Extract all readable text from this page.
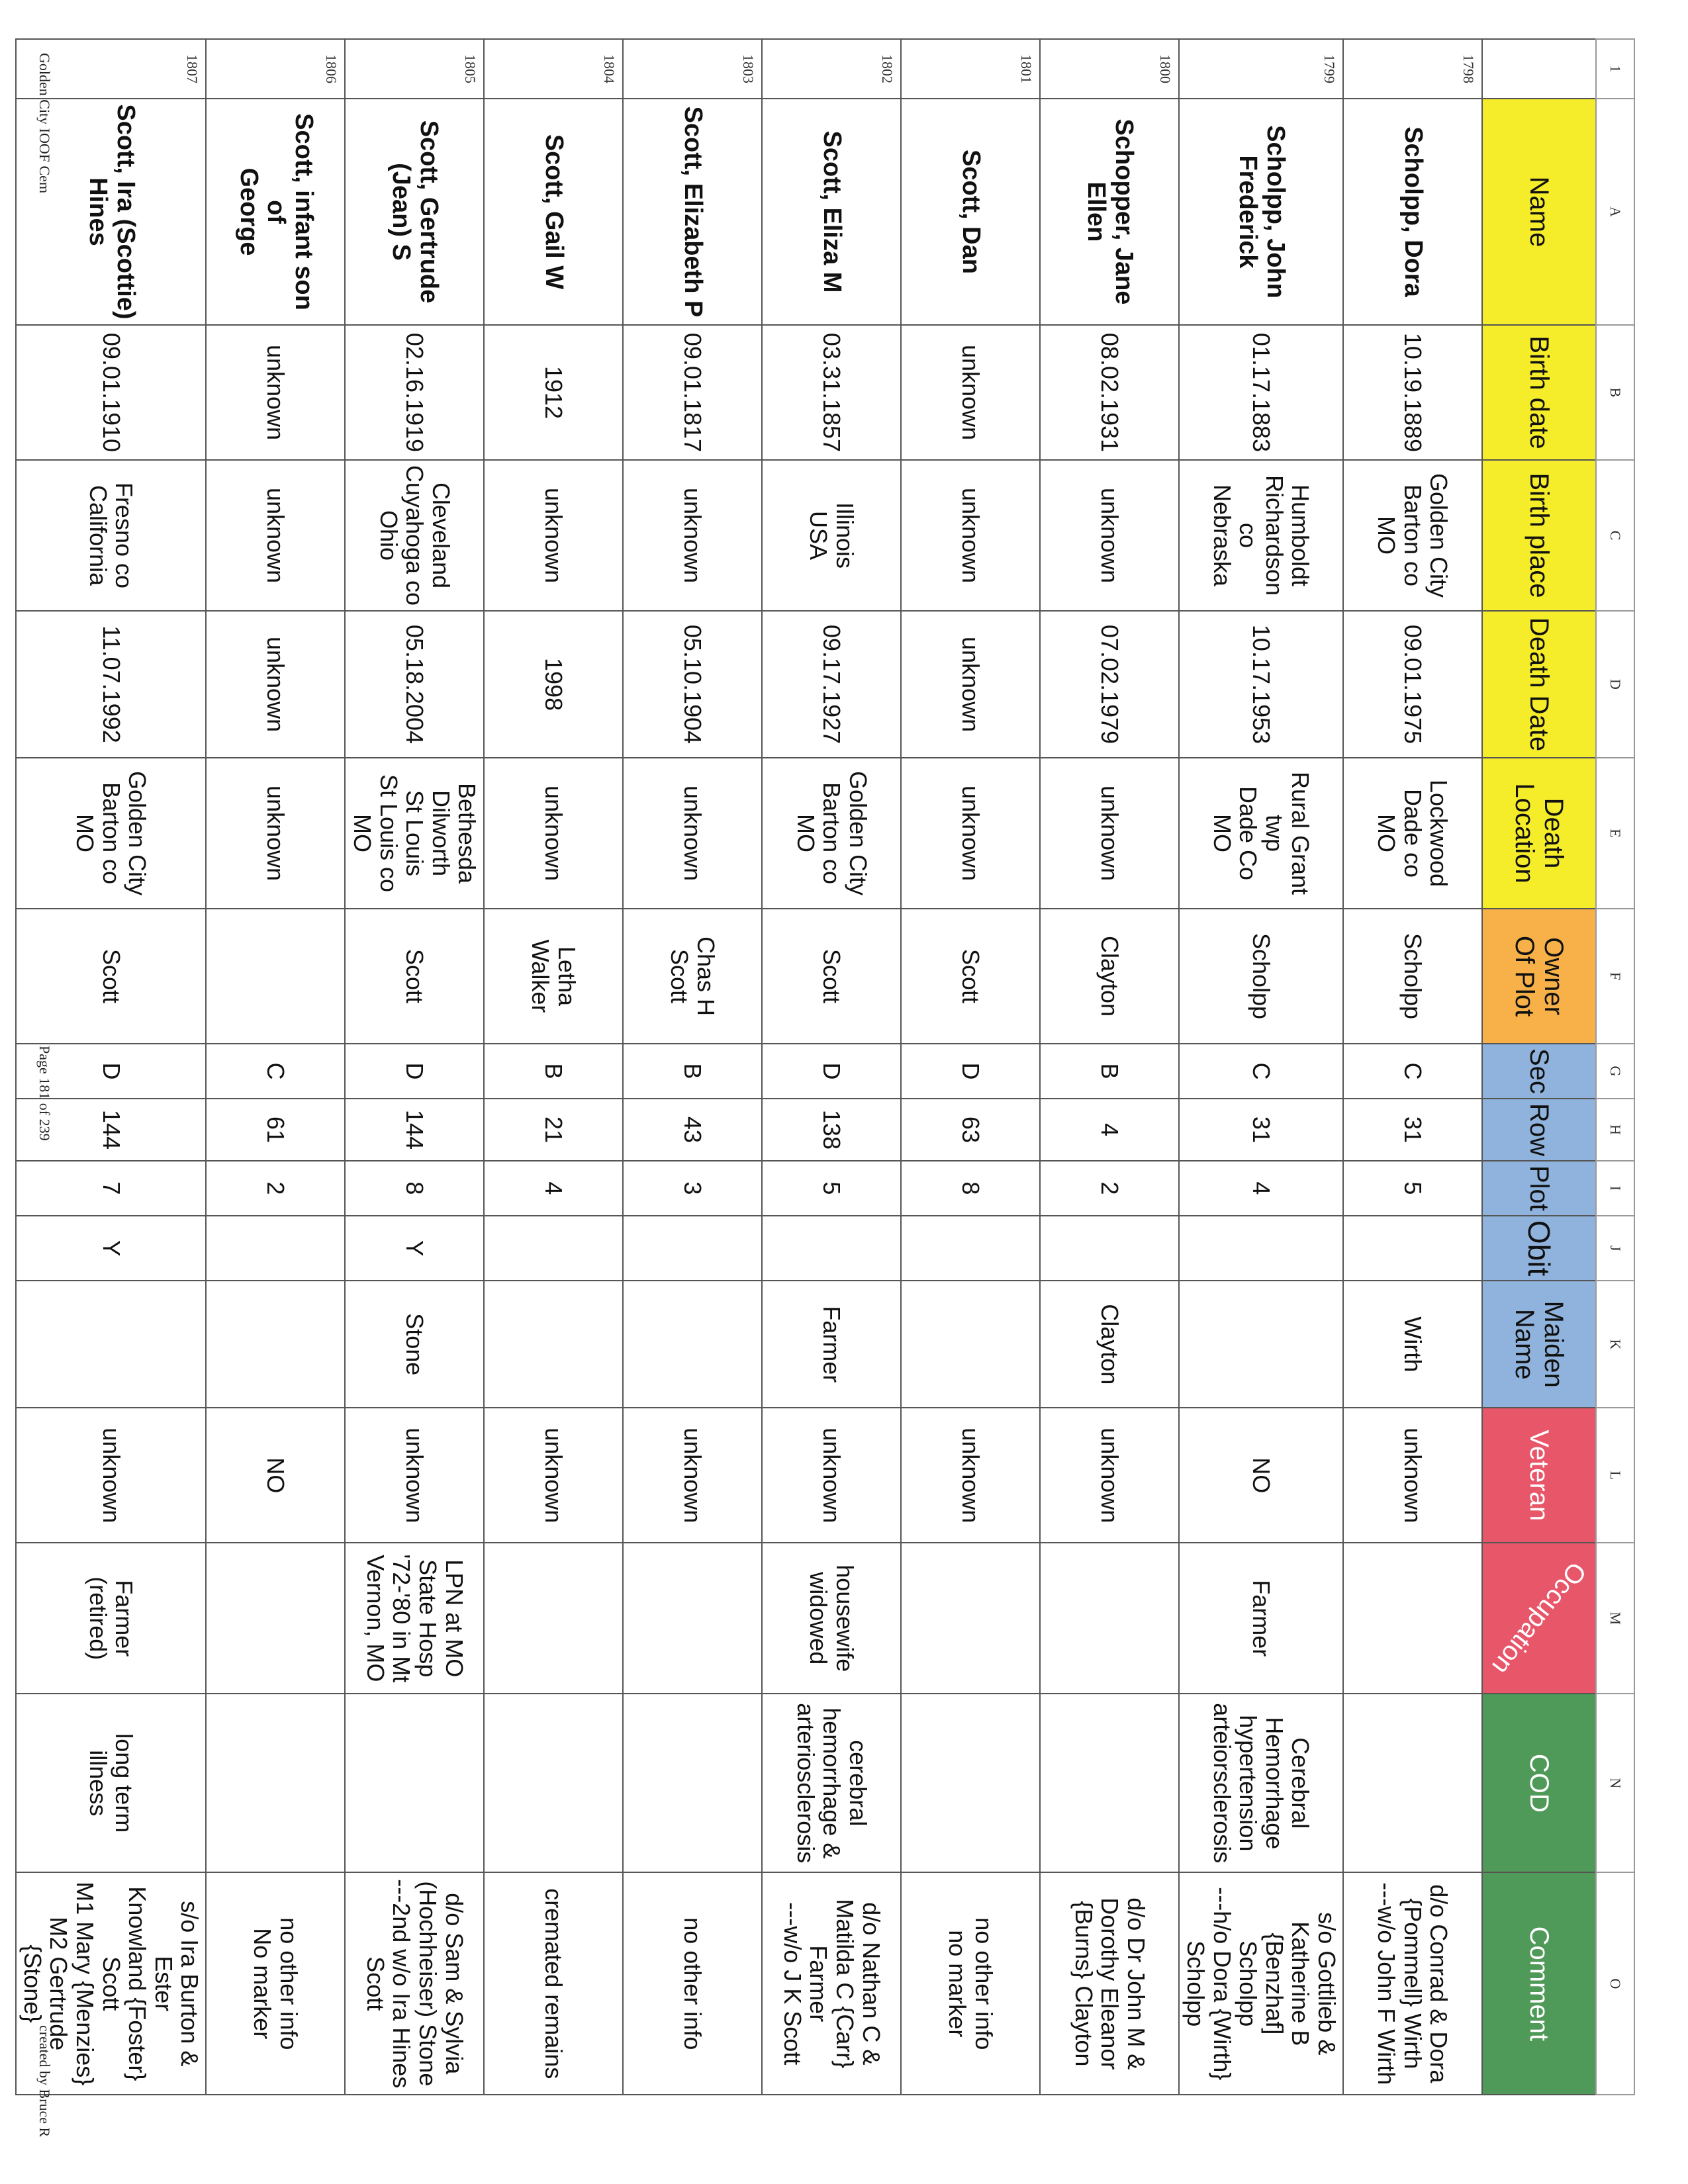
1	A	B	C	D	E	F	G	H	I	J	K	L	M	N	O
	Name	Birth date	Birth place	Death Date	Death
Location	Owner
Of Plot	Sec	Row	Plot	Obit	Maiden
Name	Veteran	Occupation	COD	Comment
1798	Scholpp, Dora	10.19.1889	Golden City
Barton co
MO	09.01.1975	Lockwood
Dade co
MO	Scholpp	C	31	5		Wirth	unknown			d/o Conrad & Dora
{Pommell} Wirth
---w/o John F Wirth
1799	Scholpp, John
Frederick	01.17.1883	Humboldt
Richardson co
Nebraska	10.17.1953	Rural Grant
twp
Dade Co
MO	Scholpp	C	31	4			NO	Farmer	Cerebral
Hemorrhage
hypertension
arteiorsclerosis	s/o Gottlieb &
Katherine B {Benzhaf]
Scholpp
---h/o Dora {Wirth}
Scholpp
1800	Schopper, Jane
Ellen	08.02.1931	unknown	07.02.1979	unknown	Clayton	B	4	2		Clayton	unknown			d/o Dr John M &
Dorothy Eleanor
{Burns} Clayton
1801	Scott, Dan	unknown	unknown	unknown	unknown	Scott	D	63	8			unknown			no other info
no marker
1802	Scott, Eliza M	03.31.1857	Illinois
USA	09.17.1927	Golden City
Barton co
MO	Scott	D	138	5		Farmer	unknown	housewife
widowed	cerebral
hemorrhage &
arteriosclerosis	d/o Nathan C &
Matilda C {Carr}
Farmer
---w/o J K Scott
1803	Scott, Elizabeth P	09.01.1817	unknown	05.10.1904	unknown	Chas H
Scott	B	43	3			unknown			no other info
1804	Scott, Gail W	1912	unknown	1998	unknown	Letha
Walker	B	21	4			unknown			cremated remains
1805	Scott, Gertrude
(Jean) S	02.16.1919	Cleveland
Cuyahoga co
Ohio	05.18.2004	Bethesda
Dilworth
St Louis
St Louis co
MO	Scott	D	144	8	Y	Stone	unknown	LPN at MO
State Hosp
'72-'80 in Mt
Vernon, MO		d/o Sam & Sylvia
(Hochheiser) Stone
---2nd w/o Ira Hines
Scott
1806	Scott, infant son of
George	unknown	unknown	unknown	unknown		C	61	2			NO			no other info
No marker
1807	Scott, Ira (Scottie)
Hines	09.01.1910	Fresno co
California	11.07.1992	Golden City
Barton co
MO	Scott	D	144	7	Y		unknown	Farmer
(retired)	long term illness	s/o Ira Burton & Ester
Knowland {Foster}
Scott
M1 Mary {Menzies}
M2 Gertrude {Stone}
Golden City IOOF Cem
Page 181 of 239
created by Bruce R
